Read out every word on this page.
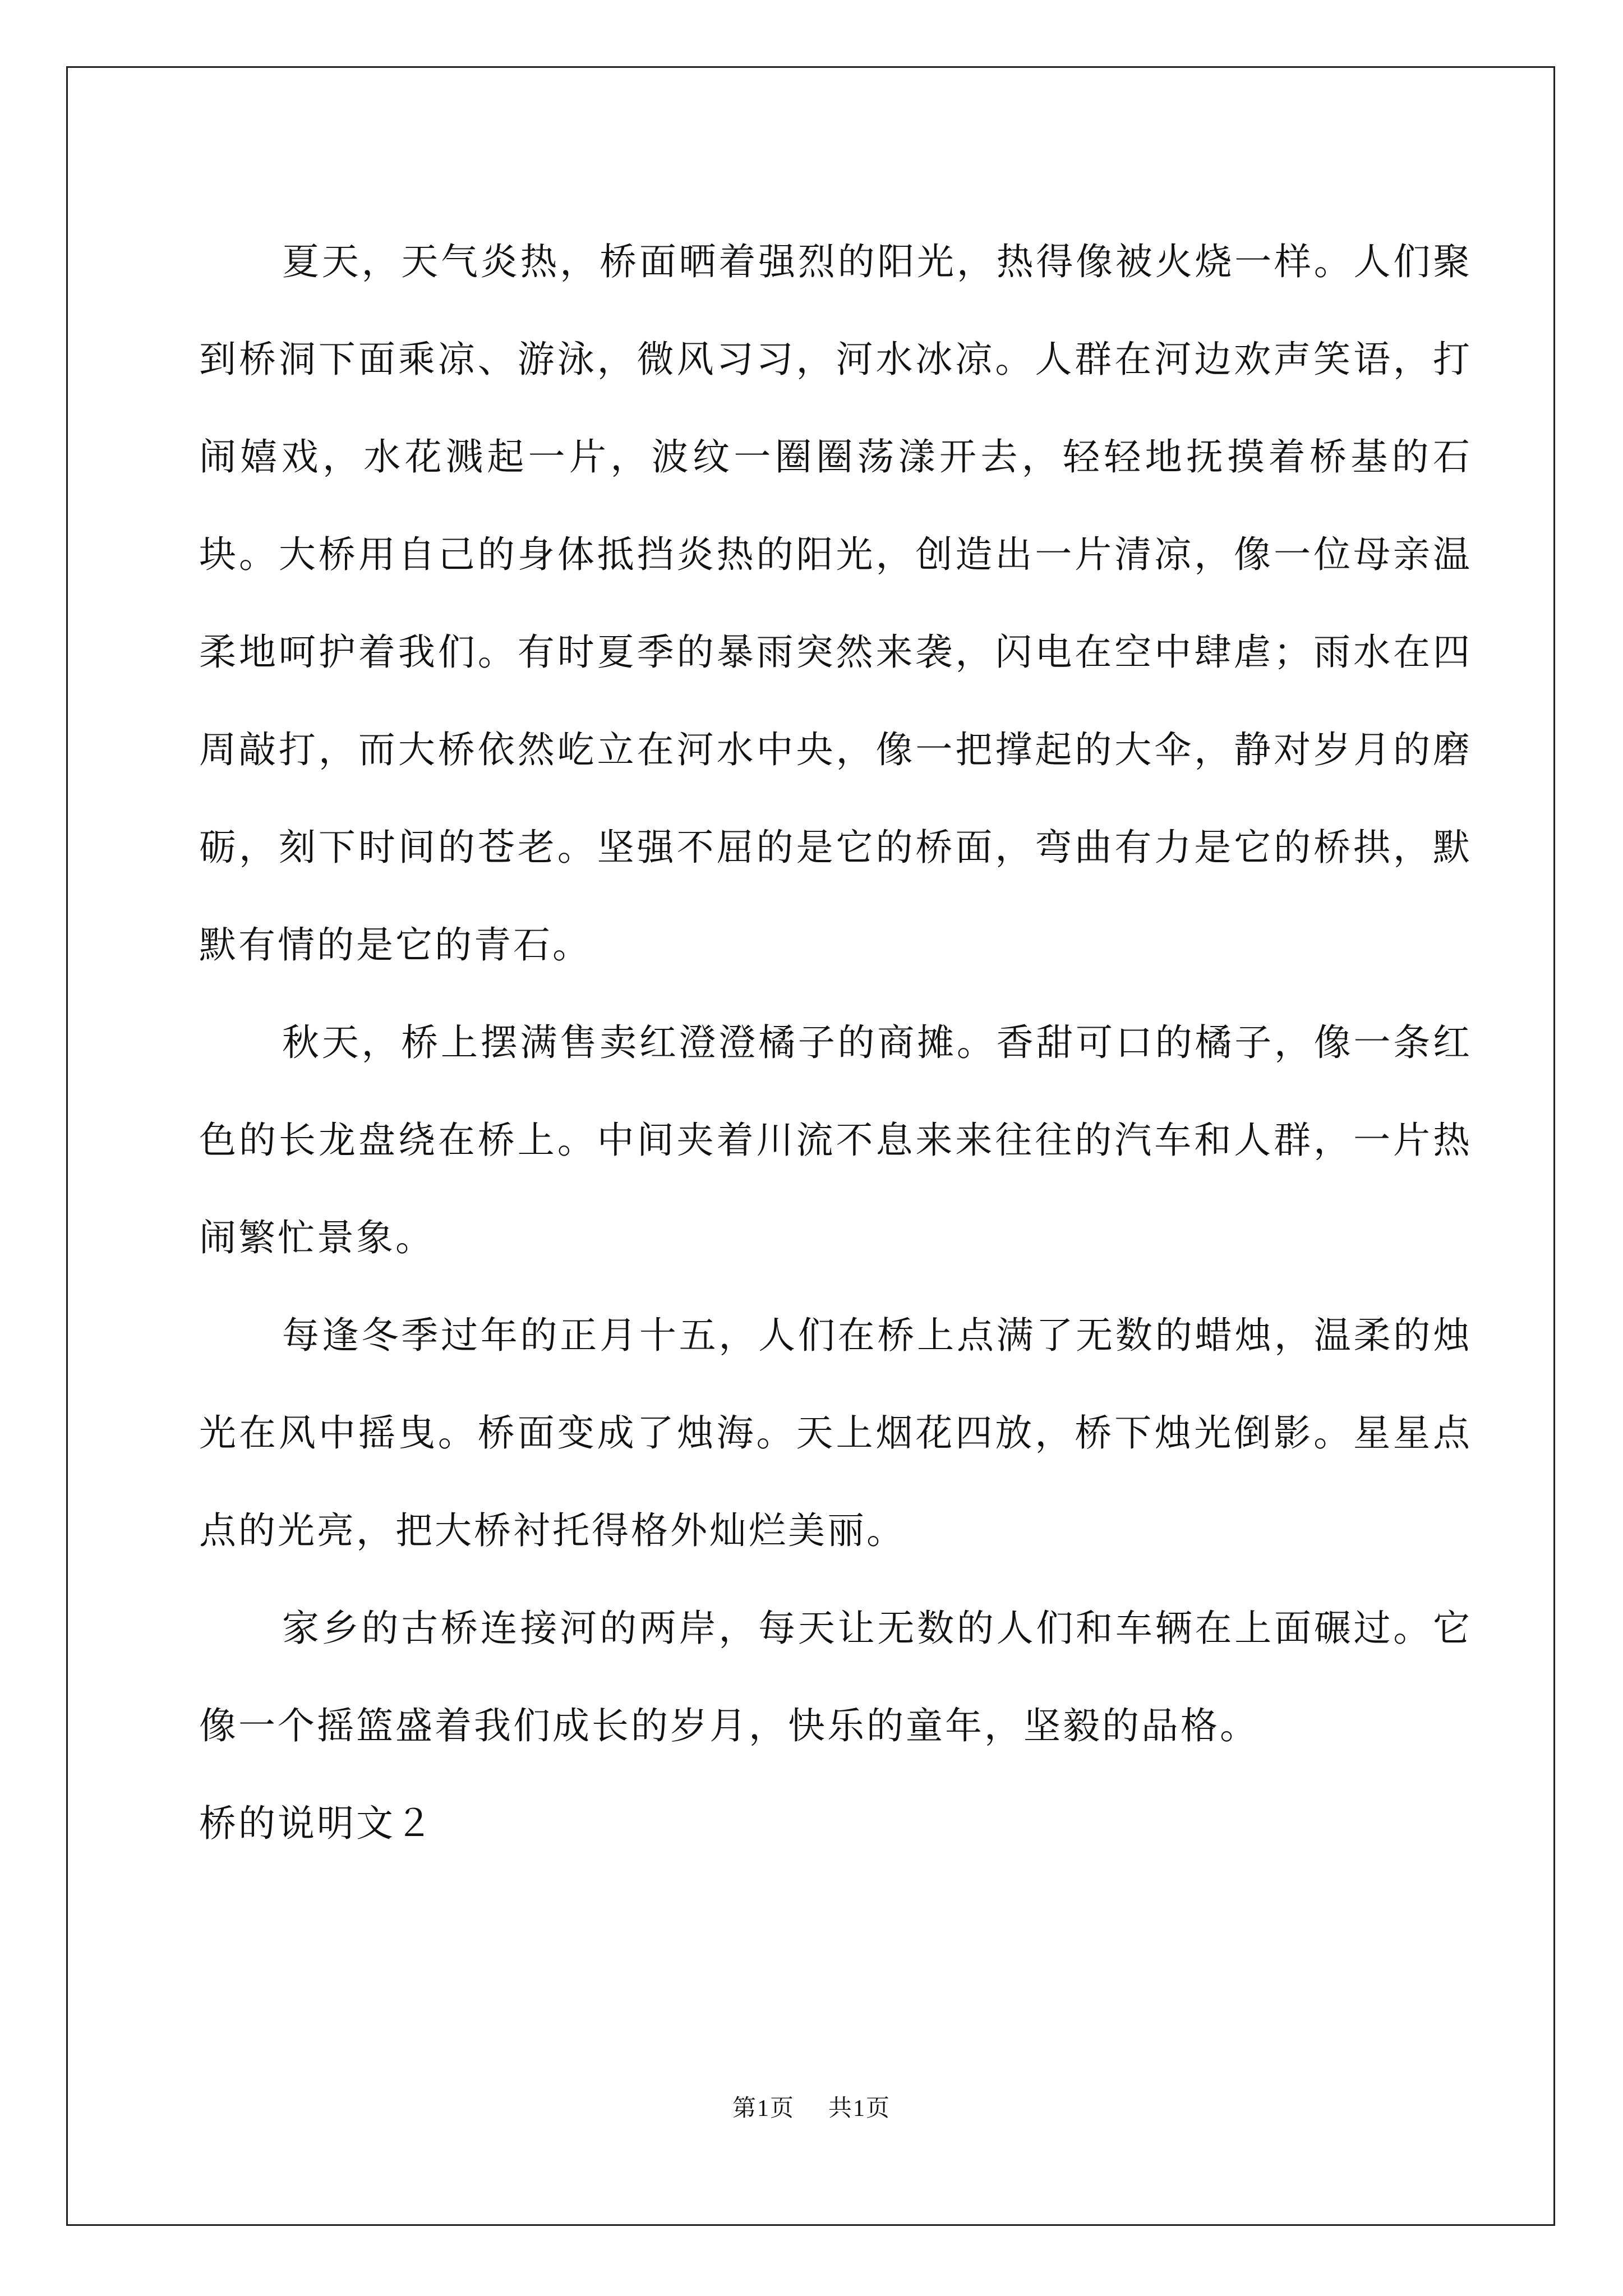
夏天，天气炎热，桥面晒着强烈的阳光，热得像被火烧一样。人们聚到桥洞下面乘凉、游泳，微风习习，河水冰凉。人群在河边欢声笑语，打闹嬉戏，水花溅起一片，波纹一圈圈荡漾开去，轻轻地抚摸着桥基的石块。大桥用自己的身体抵挡炎热的阳光，创造出一片清凉，像一位母亲温柔地呵护着我们。有时夏季的暴雨突然来袭，闪电在空中肆虐；雨水在四周敲打，而大桥依然屹立在河水中央，像一把撑起的大伞，静对岁月的磨砺，刻下时间的苍老。坚强不屈的是它的桥面，弯曲有力是它的桥拱，默默有情的是它的青石。

秋天，桥上摆满售卖红澄澄橘子的商摊。香甜可口的橘子，像一条红色的长龙盘绕在桥上。中间夹着川流不息来来往往的汽车和人群，一片热闹繁忙景象。

每逢冬季过年的正月十五，人们在桥上点满了无数的蜡烛，温柔的烛光在风中摇曳。桥面变成了烛海。天上烟花四放，桥下烛光倒影。星星点点的光亮，把大桥衬托得格外灿烂美丽。

家乡的古桥连接河的两岸，每天让无数的人们和车辆在上面碾过。它像一个摇篮盛着我们成长的岁月，快乐的童年，坚毅的品格。

桥的说明文２

第1页 共1页
